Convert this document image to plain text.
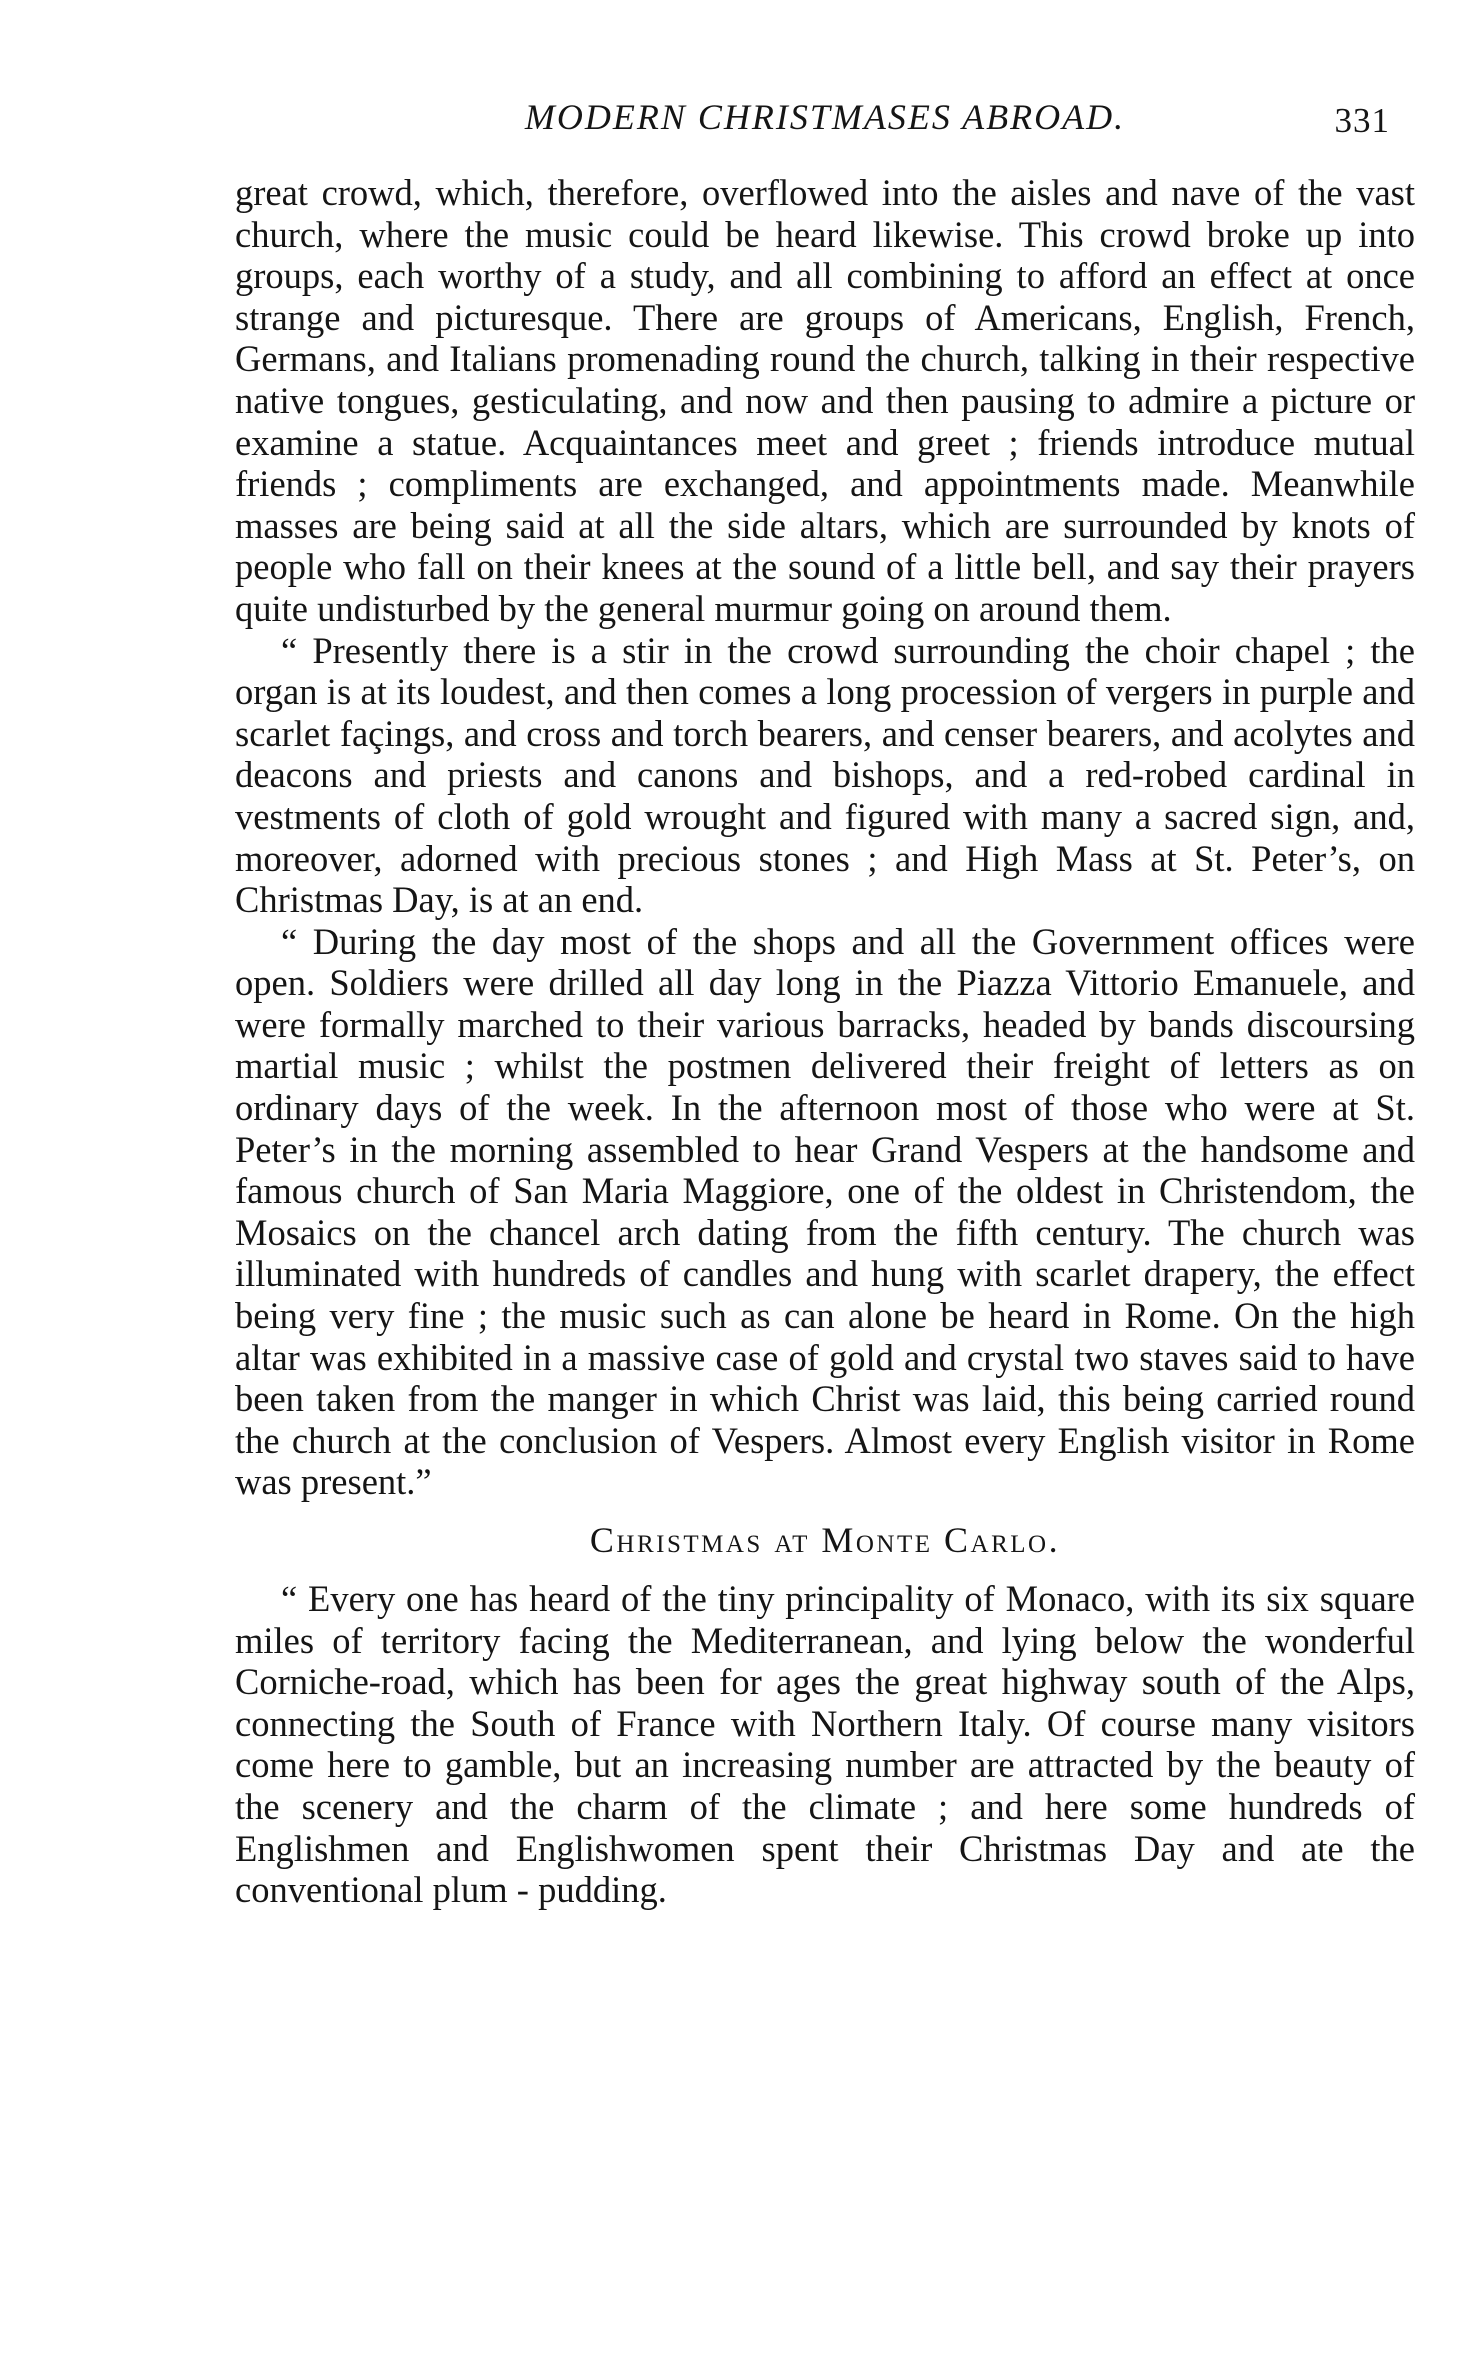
MODERN CHRISTMASES ABROAD.	331

great crowd, which, therefore, overflowed into the aisles and nave of the vast church, where the music could be heard likewise. This crowd broke up into groups, each worthy of a study, and all combining to afford an effect at once strange and picturesque. There are groups of Americans, English, French, Germans, and Italians promenading round the church, talking in their respective native tongues, gesticulating, and now and then pausing to admire a picture or examine a statue. Acquaintances meet and greet ; friends introduce mutual friends ; compliments are exchanged, and appointments made. Meanwhile masses are being said at all the side altars, which are surrounded by knots of people who fall on their knees at the sound of a little bell, and say their prayers quite undisturbed by the general murmur going on around them.

“ Presently there is a stir in the crowd surrounding the choir chapel ; the organ is at its loudest, and then comes a long procession of vergers in purple and scarlet façings, and cross and torch bearers, and censer bearers, and acolytes and deacons and priests and canons and bishops, and a red-robed cardinal in vestments of cloth of gold wrought and figured with many a sacred sign, and, moreover, adorned with precious stones ; and High Mass at St. Peter’s, on Christmas Day, is at an end.

“ During the day most of the shops and all the Government offices were open. Soldiers were drilled all day long in the Piazza Vittorio Emanuele, and were formally marched to their various barracks, headed by bands discoursing martial music ; whilst the postmen delivered their freight of letters as on ordinary days of the week. In the afternoon most of those who were at St. Peter’s in the morning assembled to hear Grand Vespers at the handsome and famous church of San Maria Maggiore, one of the oldest in Christendom, the Mosaics on the chancel arch dating from the fifth century. The church was illuminated with hundreds of candles and hung with scarlet drapery, the effect being very fine ; the music such as can alone be heard in Rome. On the high altar was exhibited in a massive case of gold and crystal two staves said to have been taken from the manger in which Christ was laid, this being carried round the church at the conclusion of Vespers. Almost every English visitor in Rome was present.”

Christmas at Monte Carlo.

“ Every one has heard of the tiny principality of Monaco, with its six square miles of territory facing the Mediterranean, and lying below the wonderful Corniche-road, which has been for ages the great highway south of the Alps, connecting the South of France with Northern Italy. Of course many visitors come here to gamble, but an increasing number are attracted by the beauty of the scenery and the charm of the climate ; and here some hundreds of Englishmen and Englishwomen spent their Christmas Day and ate the conventional plum - pudding.
